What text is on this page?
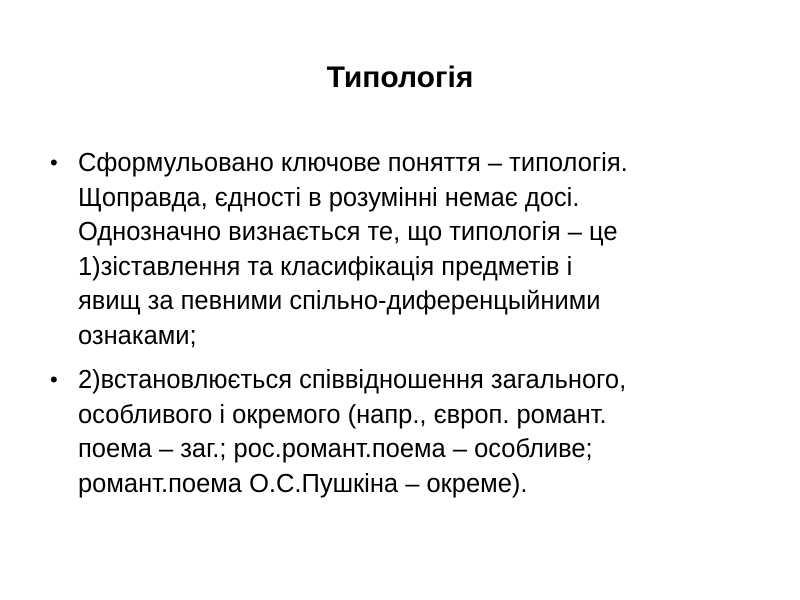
Типологія
• Сформульовано ключове поняття – типологія.
Щоправда, єдності в розумінні немає досі.
Однозначно визнається те, що типологія – це
1)зіставлення та класифікація предметів і
явищ за певними спільно-диференцыйними
ознаками;
• 2)встановлюється співвідношення загального,
особливого і окремого (напр., європ. романт.
поема – заг.; рос.романт.поема – особливе;
романт.поема О.С.Пушкіна – окреме).
